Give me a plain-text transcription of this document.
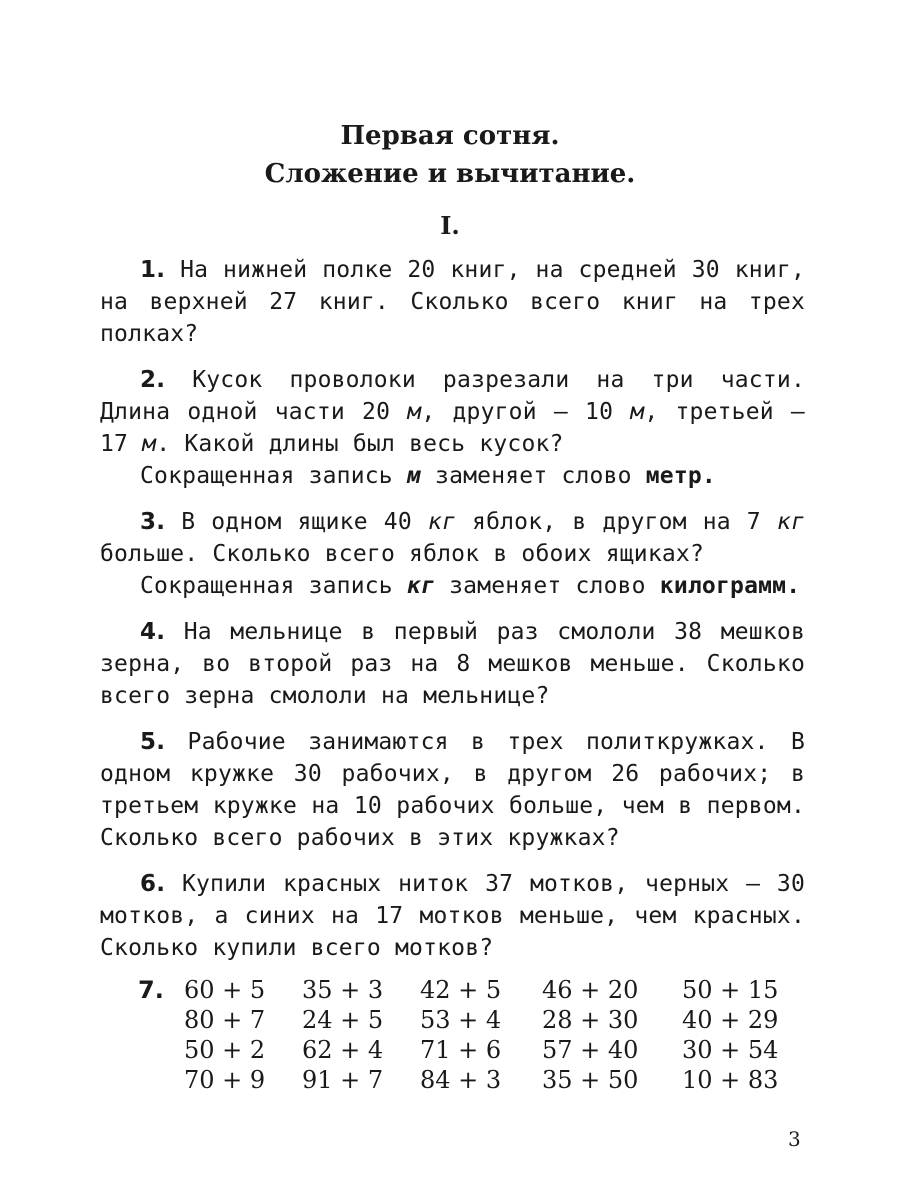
Первая сотня.
Сложение и вычитание.
I.

1. На нижней полке 20 книг, на средней 30 книг, на верхней 27 книг. Сколько всего книг на трех полках?

2. Кусок проволоки разрезали на три части. Длина одной части 20 м, другой — 10 м, третьей — 17 м. Какой длины был весь кусок?

Сокращенная запись м заменяет слово метр.

3. В одном ящике 40 кг яблок, в другом на 7 кг больше. Сколько всего яблок в обоих ящиках?

Сокращенная запись кг заменяет слово килограмм.

4. На мельнице в первый раз смололи 38 мешков зерна, во второй раз на 8 мешков меньше. Сколько всего зерна смололи на мельнице?

5. Рабочие занимаются в трех политкружках. В одном кружке 30 рабочих, в другом 26 рабочих; в третьем кружке на 10 рабочих больше, чем в первом. Сколько всего рабочих в этих кружках?

6. Купили красных ниток 37 мотков, черных — 30 мотков, а синих на 17 мотков меньше, чем красных. Сколько купили всего мотков?

7. 60 + 5 35 + 3 42 + 5 46 + 20 50 + 15
80 + 7 24 + 5 53 + 4 28 + 30 40 + 29
50 + 2 62 + 4 71 + 6 57 + 40 30 + 54
70 + 9 91 + 7 84 + 3 35 + 50 10 + 83
3
